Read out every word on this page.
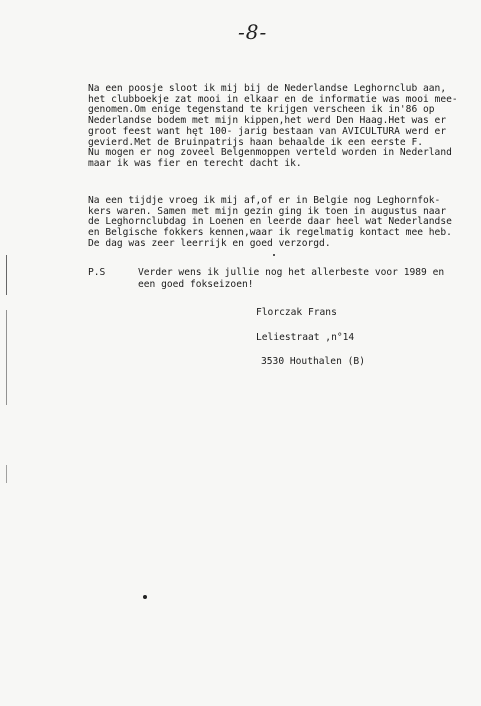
-8-
Na een poosje sloot ik mij bij de Nederlandse Leghornclub aan,
het clubboekje zat mooi in elkaar en de informatie was mooi mee-
genomen.Om enige tegenstand te krijgen verscheen ik in'86 op
Nederlandse bodem met mijn kippen,het werd Den Haag.Het was er
groot feest want hęt 100- jarig bestaan van AVICULTURA werd er
gevierd.Met de Bruinpatrijs haan behaalde ik een eerste F.
Nu mogen er nog zoveel Belgenmoppen verteld worden in Nederland
maar ik was fier en terecht dacht ik.
Na een tijdje vroeg ik mij af,of er in Belgie nog Leghornfok-
kers waren. Samen met mijn gezin ging ik toen in augustus naar
de Leghornclubdag in Loenen en leerde daar heel wat Nederlandse
en Belgische fokkers kennen,waar ik regelmatig kontact mee heb.
De dag was zeer leerrijk en goed verzorgd.
P.S	Verder wens ik jullie nog het allerbeste voor 1989 en
een goed fokseizoen!
Florczak Frans
Leliestraat ,n°14
3530 Houthalen (B)
